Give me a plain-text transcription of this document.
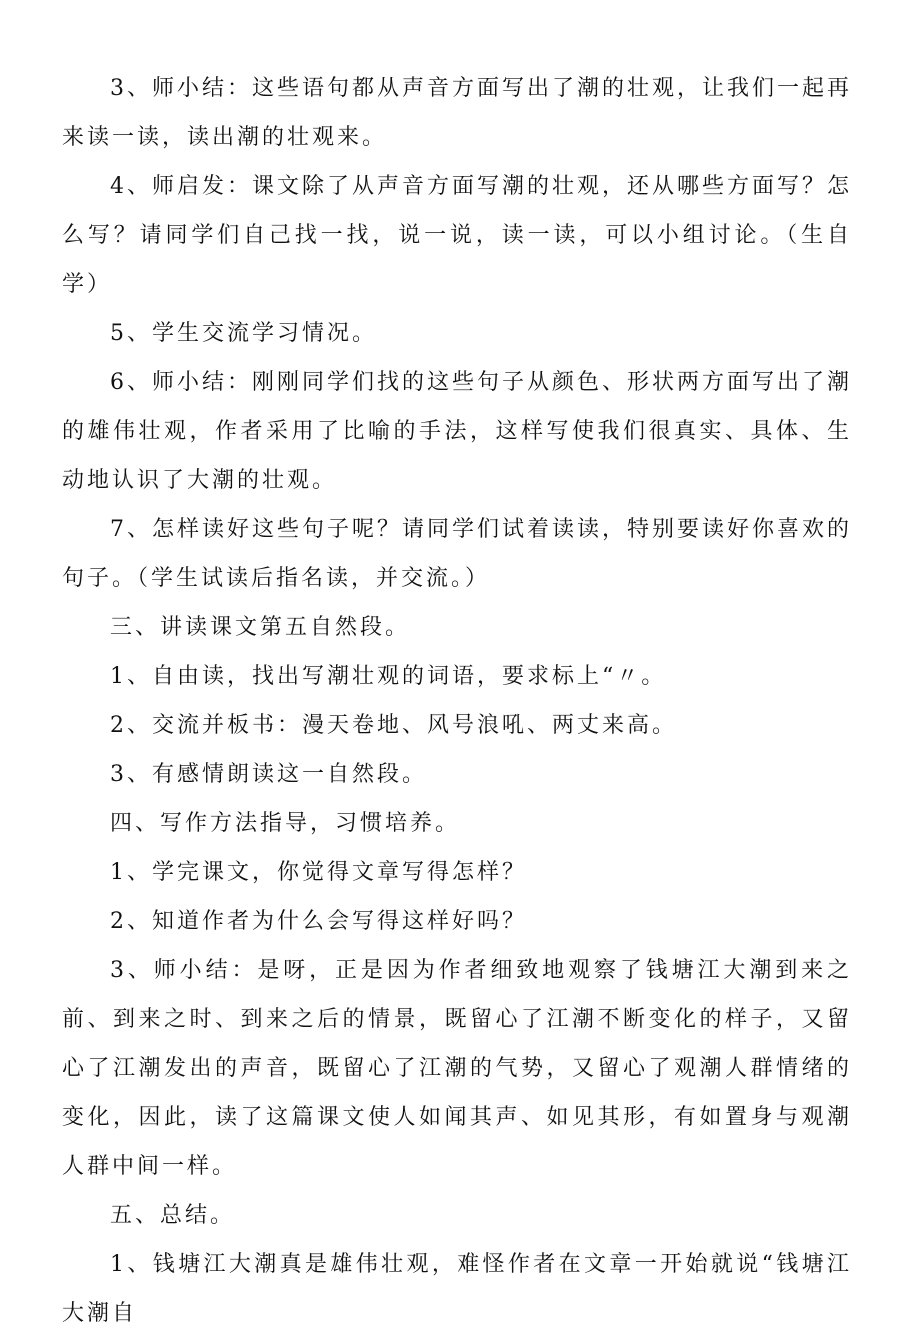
3、师小结：这些语句都从声音方面写出了潮的壮观，让我们一起再来读一读，读出潮的壮观来。

4、师启发：课文除了从声音方面写潮的壮观，还从哪些方面写？怎么写？请同学们自己找一找，说一说，读一读，可以小组讨论。（生自学）

5、学生交流学习情况。

6、师小结：刚刚同学们找的这些句子从颜色、形状两方面写出了潮的雄伟壮观，作者采用了比喻的手法，这样写使我们很真实、具体、生动地认识了大潮的壮观。

7、怎样读好这些句子呢？请同学们试着读读，特别要读好你喜欢的句子。（学生试读后指名读，并交流。）

三、讲读课文第五自然段。

1、自由读，找出写潮壮观的词语，要求标上“〃。

2、交流并板书：漫天卷地、风号浪吼、两丈来高。

3、有感情朗读这一自然段。

四、写作方法指导，习惯培养。

1、学完课文，你觉得文章写得怎样？

2、知道作者为什么会写得这样好吗？

3、师小结：是呀，正是因为作者细致地观察了钱塘江大潮到来之前、到来之时、到来之后的情景，既留心了江潮不断变化的样子，又留心了江潮发出的声音，既留心了江潮的气势，又留心了观潮人群情绪的变化，因此，读了这篇课文使人如闻其声、如见其形，有如置身与观潮人群中间一样。

五、总结。

1、钱塘江大潮真是雄伟壮观，难怪作者在文章一开始就说“钱塘江大潮自
